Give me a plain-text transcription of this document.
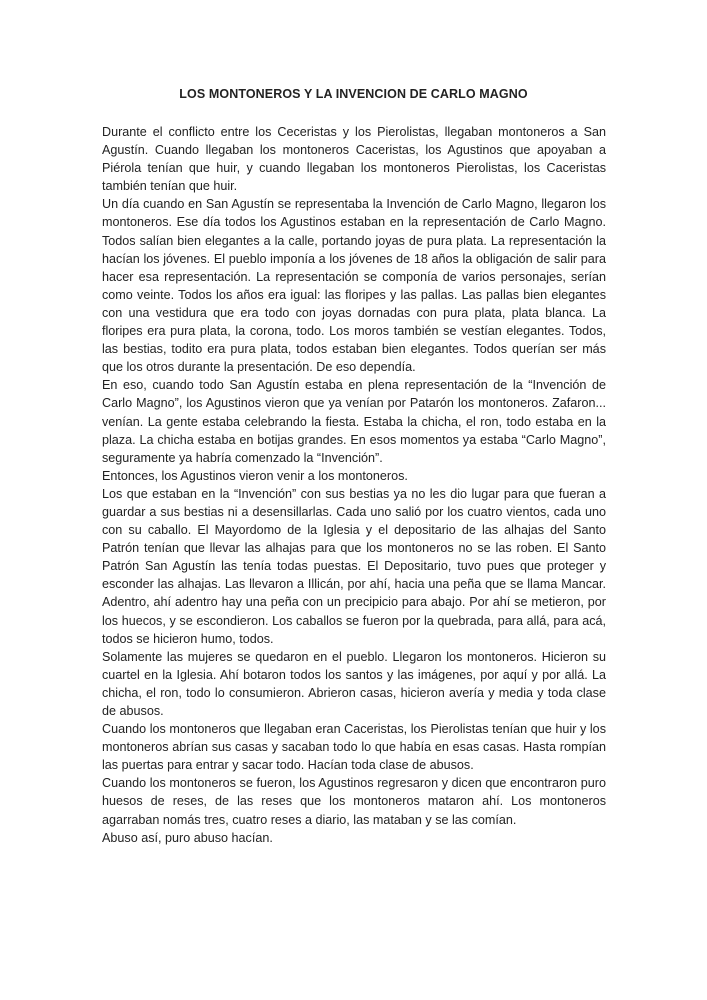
LOS MONTONEROS Y LA INVENCION DE CARLO MAGNO

Durante el conflicto entre los Ceceristas y los Pierolistas, llegaban montoneros a San Agustín. Cuando llegaban los montoneros Caceristas, los Agustinos que apoyaban a Piérola tenían que huir, y cuando llegaban los montoneros Pierolistas, los Caceristas también tenían que huir.

Un día cuando en San Agustín se representaba la Invención de Carlo Magno, llegaron los montoneros. Ese día todos los Agustinos estaban en la representación de Carlo Magno. Todos salían bien elegantes a la calle, portando joyas de pura plata. La representación la hacían los jóvenes. El pueblo imponía a los jóvenes de 18 años la obligación de salir para hacer esa representación. La representación se componía de varios personajes, serían como veinte. Todos los años era igual: las floripes y las pallas. Las pallas bien elegantes con una vestidura que era todo con joyas dornadas con pura plata, plata blanca. La floripes era pura plata, la corona, todo. Los moros también se vestían elegantes. Todos, las bestias, todito era pura plata, todos estaban bien elegantes. Todos querían ser más que los otros durante la presentación. De eso dependía.

En eso, cuando todo San Agustín estaba en plena representación de la “Invención de Carlo Magno”, los Agustinos vieron que ya venían por Patarón los montoneros. Zafaron... venían. La gente estaba celebrando la fiesta. Estaba la chicha, el ron, todo estaba en la plaza. La chicha estaba en botijas grandes. En esos momentos ya estaba “Carlo Magno”, seguramente ya habría comenzado la “Invención”.

Entonces, los Agustinos vieron venir a los montoneros.

Los que estaban en la “Invención” con sus bestias ya no les dio lugar para que fueran a guardar a sus bestias ni a desensillarlas. Cada uno salió por los cuatro vientos, cada uno con su caballo. El Mayordomo de la Iglesia y el depositario de las alhajas del Santo Patrón tenían que llevar las alhajas para que los montoneros no se las roben. El Santo Patrón San Agustín las tenía todas puestas. El Depositario, tuvo pues que proteger y esconder las alhajas. Las llevaron a Illicán, por ahí, hacia una peña que se llama Mancar. Adentro, ahí adentro hay una peña con un precipicio para abajo. Por ahí se metieron, por los huecos, y se escondieron. Los caballos se fueron por la quebrada, para allá, para acá, todos se hicieron humo, todos.

Solamente las mujeres se quedaron en el pueblo. Llegaron los montoneros. Hicieron su cuartel en la Iglesia. Ahí botaron todos los santos y las imágenes, por aquí y por allá. La chicha, el ron, todo lo consumieron. Abrieron casas, hicieron avería y media y toda clase de abusos.

Cuando los montoneros que llegaban eran Caceristas, los Pierolistas tenían que huir y los montoneros abrían sus casas y sacaban todo lo que había en esas casas. Hasta rompían las puertas para entrar y sacar todo. Hacían toda clase de abusos.

Cuando los montoneros se fueron, los Agustinos regresaron y dicen que encontraron puro huesos de reses, de las reses que los montoneros mataron ahí. Los montoneros agarraban nomás tres, cuatro reses a diario, las mataban y se las comían.

Abuso así, puro abuso hacían.
